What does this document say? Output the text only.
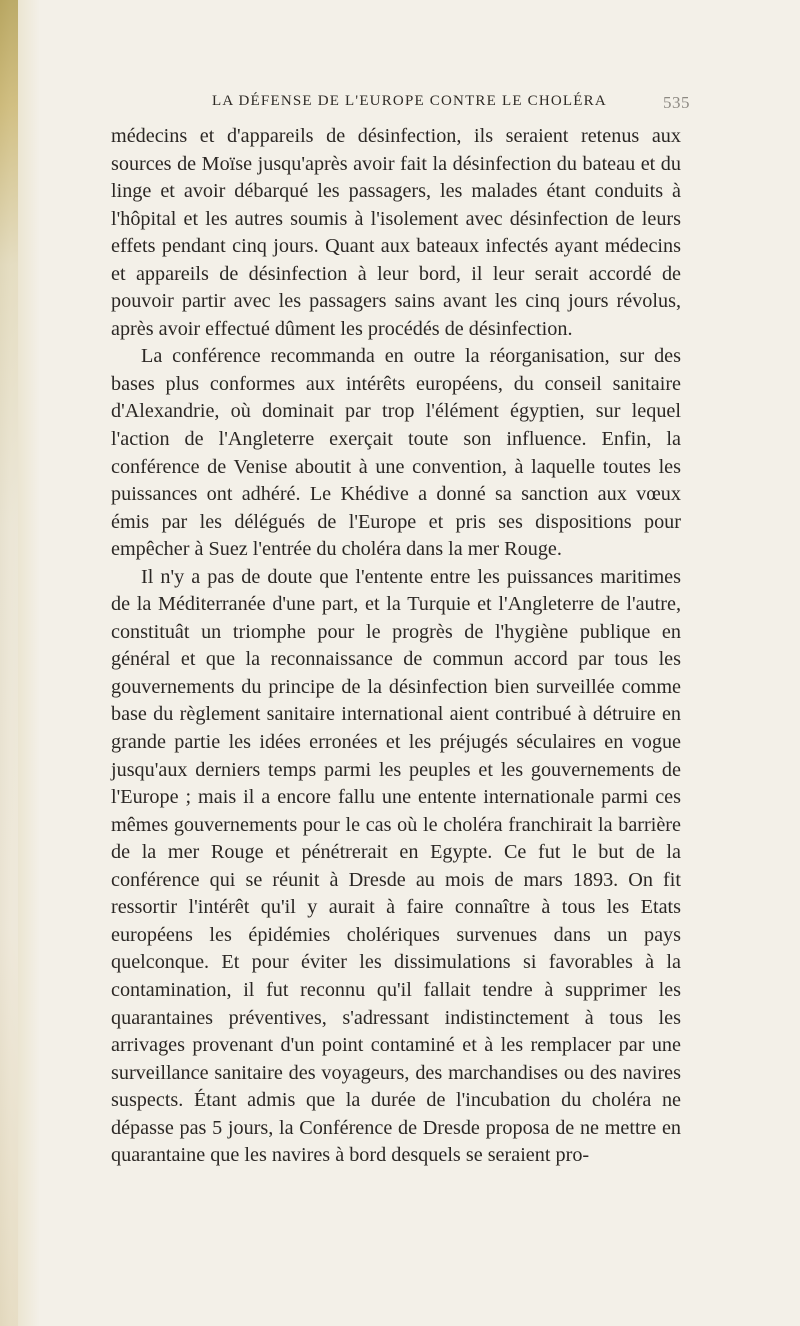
LA DÉFENSE DE L'EUROPE CONTRE LE CHOLÉRA	535

médecins et d'appareils de désinfection, ils seraient retenus aux sources de Moïse jusqu'après avoir fait la désinfection du bateau et du linge et avoir débarqué les passagers, les malades étant conduits à l'hôpital et les autres soumis à l'isolement avec désinfection de leurs effets pendant cinq jours. Quant aux bateaux infectés ayant médecins et appareils de désinfection à leur bord, il leur serait accordé de pouvoir partir avec les passagers sains avant les cinq jours révolus, après avoir effectué dûment les procédés de désinfection.

La conférence recommanda en outre la réorganisation, sur des bases plus conformes aux intérêts européens, du conseil sanitaire d'Alexandrie, où dominait par trop l'élément égyptien, sur lequel l'action de l'Angleterre exerçait toute son influence. Enfin, la conférence de Venise aboutit à une convention, à laquelle toutes les puissances ont adhéré. Le Khédive a donné sa sanction aux vœux émis par les délégués de l'Europe et pris ses dispositions pour empêcher à Suez l'entrée du choléra dans la mer Rouge.

Il n'y a pas de doute que l'entente entre les puissances maritimes de la Méditerranée d'une part, et la Turquie et l'Angleterre de l'autre, constituât un triomphe pour le progrès de l'hygiène publique en général et que la reconnaissance de commun accord par tous les gouvernements du principe de la désinfection bien surveillée comme base du règlement sanitaire international aient contribué à détruire en grande partie les idées erronées et les préjugés séculaires en vogue jusqu'aux derniers temps parmi les peuples et les gouvernements de l'Europe ; mais il a encore fallu une entente internationale parmi ces mêmes gouvernements pour le cas où le choléra franchirait la barrière de la mer Rouge et pénétrerait en Egypte. Ce fut le but de la conférence qui se réunit à Dresde au mois de mars 1893. On fit ressortir l'intérêt qu'il y aurait à faire connaître à tous les Etats européens les épidémies cholériques survenues dans un pays quelconque. Et pour éviter les dissimulations si favorables à la contamination, il fut reconnu qu'il fallait tendre à supprimer les quarantaines préventives, s'adressant indistinctement à tous les arrivages provenant d'un point contaminé et à les remplacer par une surveillance sanitaire des voyageurs, des marchandises ou des navires suspects. Étant admis que la durée de l'incubation du choléra ne dépasse pas 5 jours, la Conférence de Dresde proposa de ne mettre en quarantaine que les navires à bord desquels se seraient pro-
